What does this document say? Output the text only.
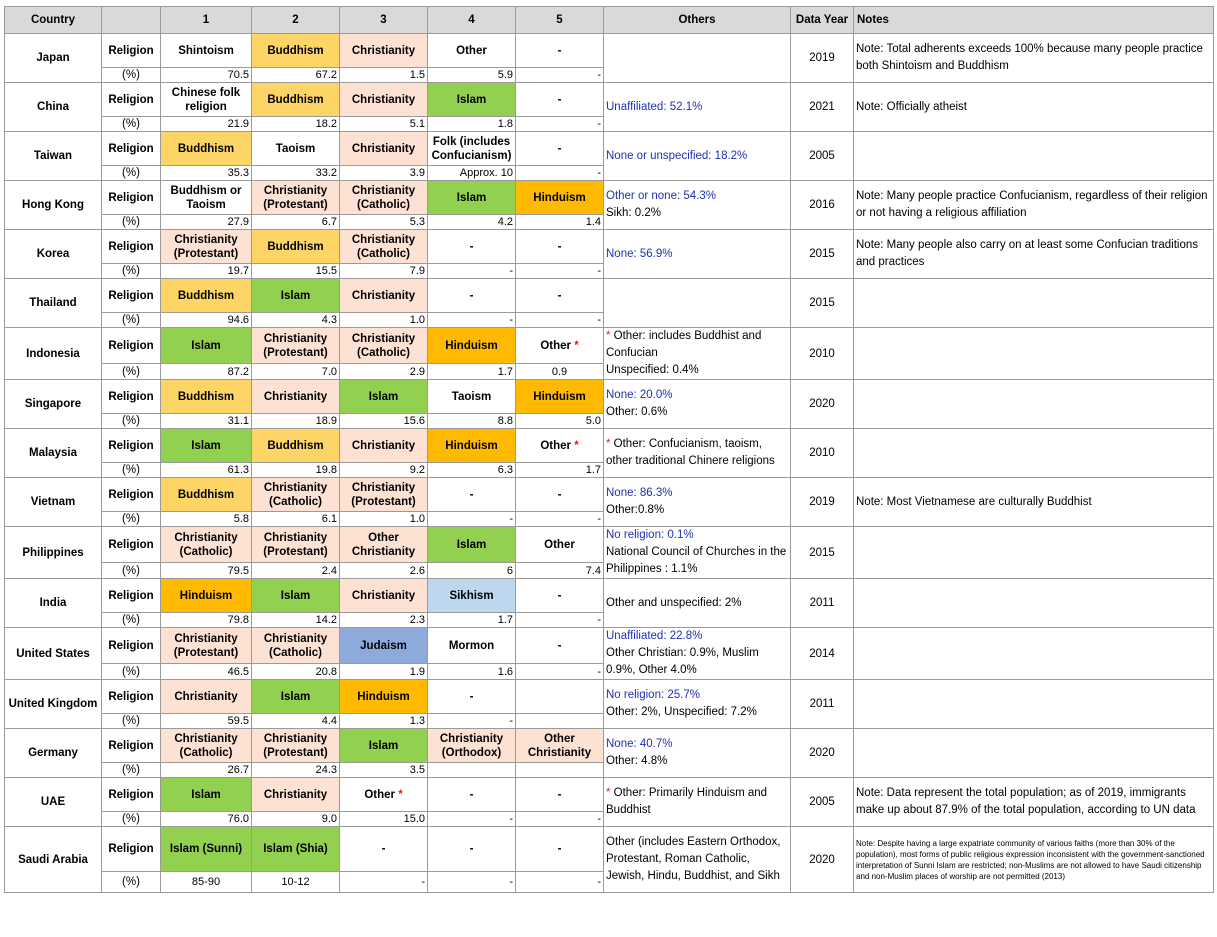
Country		1	2	3	4	5	Others	Data Year	Notes
Japan	Religion	Shintoism	Buddhism	Christianity	Other	-		2019	Note: Total adherents exceeds 100% because many people practice both Shintoism and Buddhism
	(%)	70.5	67.2	1.5	5.9	-			
China	Religion	Chinese folk religion	Buddhism	Christianity	Islam	-	Unaffiliated: 52.1%	2021	Note: Officially atheist
	(%)	21.9	18.2	5.1	1.8	-			
Taiwan	Religion	Buddhism	Taoism	Christianity	Folk (includes Confucianism)	-	None or unspecified: 18.2%	2005	
	(%)	35.3	33.2	3.9	Approx. 10	-			
Hong Kong	Religion	Buddhism or Taoism	Christianity (Protestant)	Christianity (Catholic)	Islam	Hinduism	Other or none: 54.3%
Sikh: 0.2%	2016	Note: Many people practice Confucianism, regardless of their religion or not having a religious affiliation
	(%)	27.9	6.7	5.3	4.2	1.4			
Korea	Religion	Christianity (Protestant)	Buddhism	Christianity (Catholic)	-	-	None: 56.9%	2015	Note: Many people also carry on at least some Confucian traditions and practices
	(%)	19.7	15.5	7.9	-	-			
Thailand	Religion	Buddhism	Islam	Christianity	-	-		2015	
	(%)	94.6	4.3	1.0	-	-			
Indonesia	Religion	Islam	Christianity (Protestant)	Christianity (Catholic)	Hinduism	Other *	* Other: includes Buddhist and Confucian
Unspecified: 0.4%	2010	
	(%)	87.2	7.0	2.9	1.7	0.9			
Singapore	Religion	Buddhism	Christianity	Islam	Taoism	Hinduism	None: 20.0%
Other: 0.6%	2020	
	(%)	31.1	18.9	15.6	8.8	5.0			
Malaysia	Religion	Islam	Buddhism	Christianity	Hinduism	Other *	* Other: Confucianism, taoism, other traditional Chinere religions	2010	
	(%)	61.3	19.8	9.2	6.3	1.7			
Vietnam	Religion	Buddhism	Christianity (Catholic)	Christianity (Protestant)	-	-	None: 86.3%
Other:0.8%	2019	Note: Most Vietnamese are culturally Buddhist
	(%)	5.8	6.1	1.0	-	-			
Philippines	Religion	Christianity (Catholic)	Christianity (Protestant)	Other Christianity	Islam	Other	No religion: 0.1%
National Council of Churches in the Philippines : 1.1%	2015	
	(%)	79.5	2.4	2.6	6	7.4			
India	Religion	Hinduism	Islam	Christianity	Sikhism	-	Other and unspecified: 2%	2011	
	(%)	79.8	14.2	2.3	1.7	-			
United States	Religion	Christianity (Protestant)	Christianity (Catholic)	Judaism	Mormon	-	Unaffiliated: 22.8%
Other Christian: 0.9%, Muslim 0.9%, Other 4.0%	2014	
	(%)	46.5	20.8	1.9	1.6	-			
United Kingdom	Religion	Christianity	Islam	Hinduism	-		No religion: 25.7%
Other: 2%, Unspecified: 7.2%	2011	
	(%)	59.5	4.4	1.3	-				
Germany	Religion	Christianity (Catholic)	Christianity (Protestant)	Islam	Christianity (Orthodox)	Other Christianity	None: 40.7%
Other: 4.8%	2020	
	(%)	26.7	24.3	3.5					
UAE	Religion	Islam	Christianity	Other *	-	-	* Other: Primarily Hinduism and Buddhist	2005	Note: Data represent the total population; as of 2019, immigrants make up about 87.9% of the total population, according to UN data
	(%)	76.0	9.0	15.0	-	-			
Saudi Arabia	Religion	Islam (Sunni)	Islam (Shia)	-	-	-	Other (includes Eastern Orthodox, Protestant, Roman Catholic, Jewish, Hindu, Buddhist, and Sikh	2020	Note: Despite having a large expatriate community of various faiths (more than 30% of the population), most forms of public religious expression inconsistent with the government-sanctioned interpretation of Sunni Islam are restricted; non-Muslims are not allowed to have Saudi citizenship and non-Muslim places of worship are not permitted (2013)
	(%)	85-90	10-12	-	-	-			
